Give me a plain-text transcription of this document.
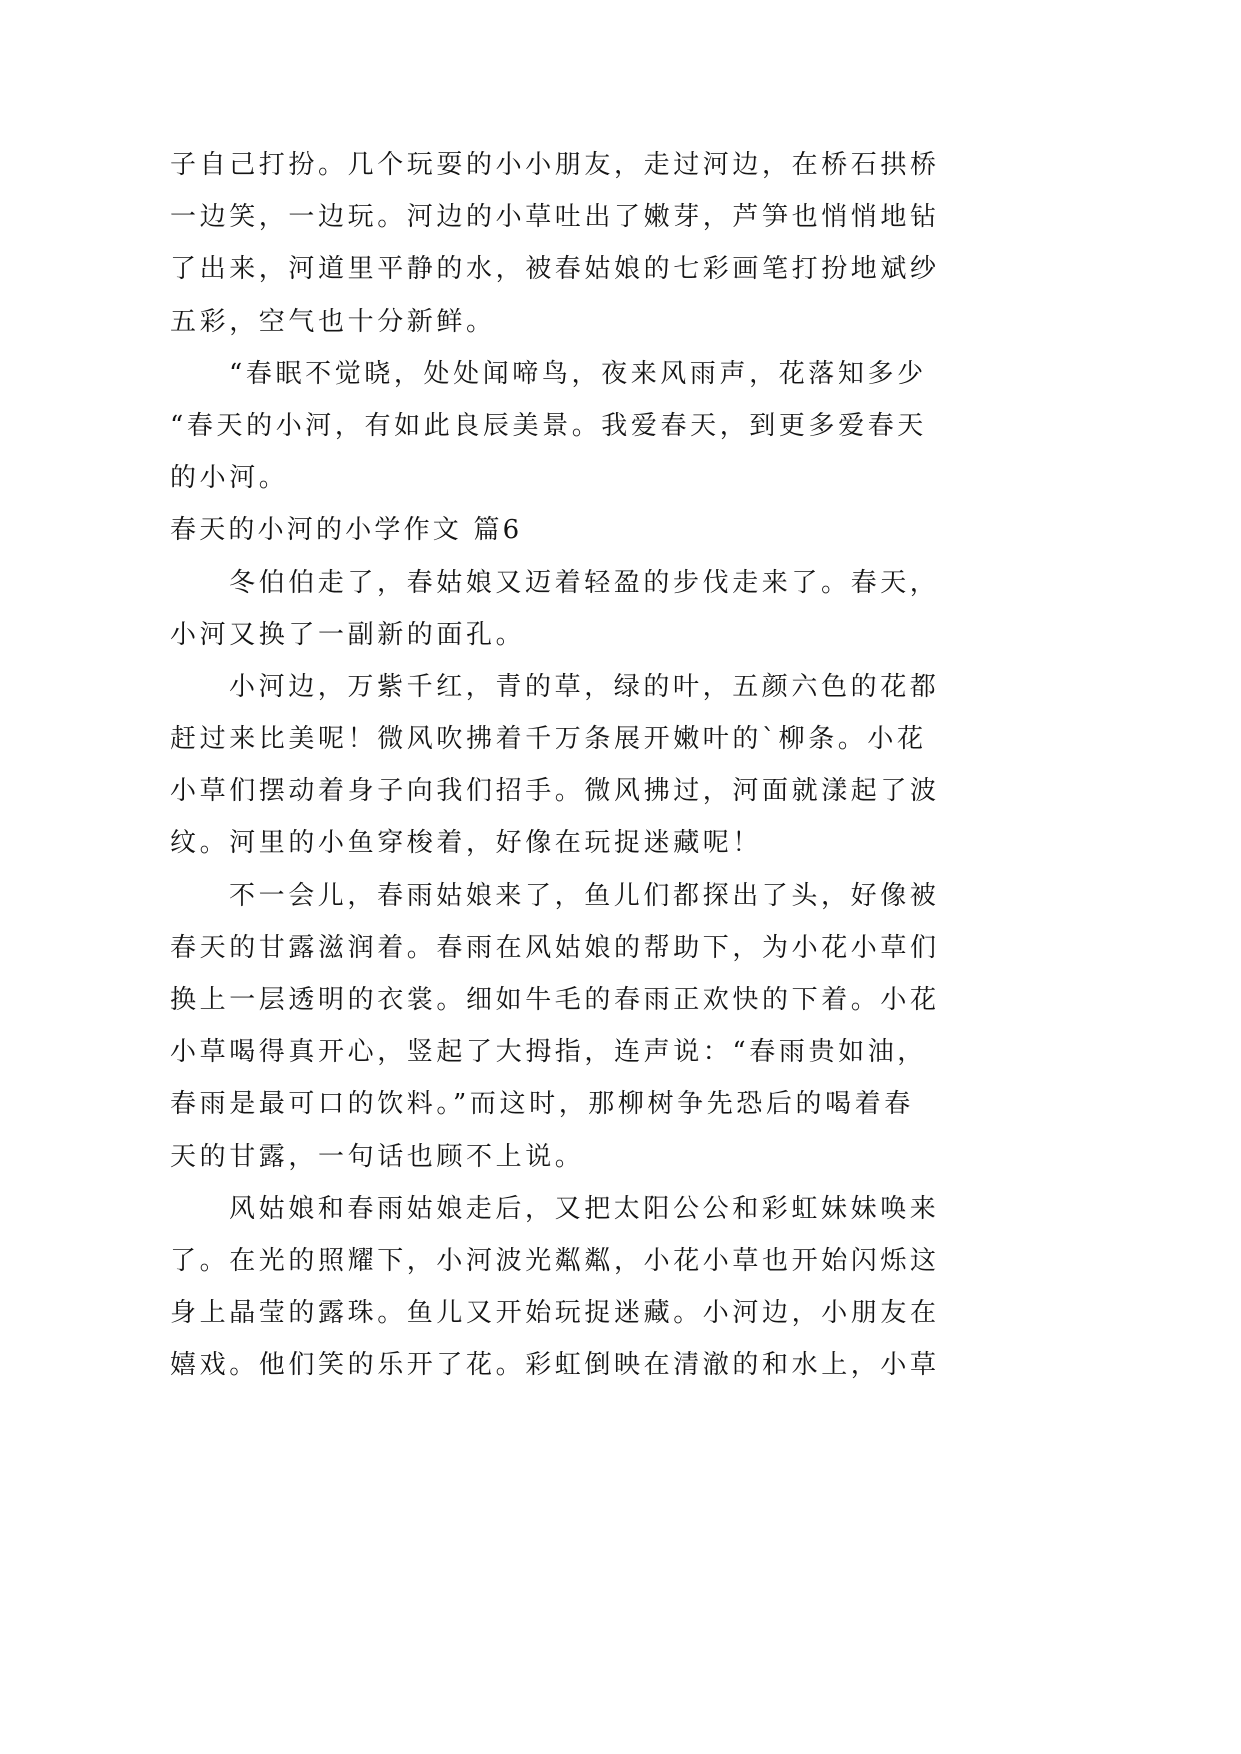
子自己打扮。几个玩耍的小小朋友，走过河边，在桥石拱桥
一边笑，一边玩。河边的小草吐出了嫩芽，芦笋也悄悄地钻
了出来，河道里平静的水，被春姑娘的七彩画笔打扮地斌纱
五彩，空气也十分新鲜。
“春眠不觉晓，处处闻啼鸟，夜来风雨声，花落知多少
“春天的小河，有如此良辰美景。我爱春天，到更多爱春天
的小河。
春天的小河的小学作文 篇6
冬伯伯走了，春姑娘又迈着轻盈的步伐走来了。春天，
小河又换了一副新的面孔。
小河边，万紫千红，青的草，绿的叶，五颜六色的花都
赶过来比美呢！微风吹拂着千万条展开嫩叶的`柳条。小花
小草们摆动着身子向我们招手。微风拂过，河面就漾起了波
纹。河里的小鱼穿梭着，好像在玩捉迷藏呢！
不一会儿，春雨姑娘来了，鱼儿们都探出了头，好像被
春天的甘露滋润着。春雨在风姑娘的帮助下，为小花小草们
换上一层透明的衣裳。细如牛毛的春雨正欢快的下着。小花
小草喝得真开心，竖起了大拇指，连声说：“春雨贵如油，
春雨是最可口的饮料。”而这时，那柳树争先恐后的喝着春
天的甘露，一句话也顾不上说。
风姑娘和春雨姑娘走后，又把太阳公公和彩虹妹妹唤来
了。在光的照耀下，小河波光粼粼，小花小草也开始闪烁这
身上晶莹的露珠。鱼儿又开始玩捉迷藏。小河边，小朋友在
嬉戏。他们笑的乐开了花。彩虹倒映在清澈的和水上，小草
